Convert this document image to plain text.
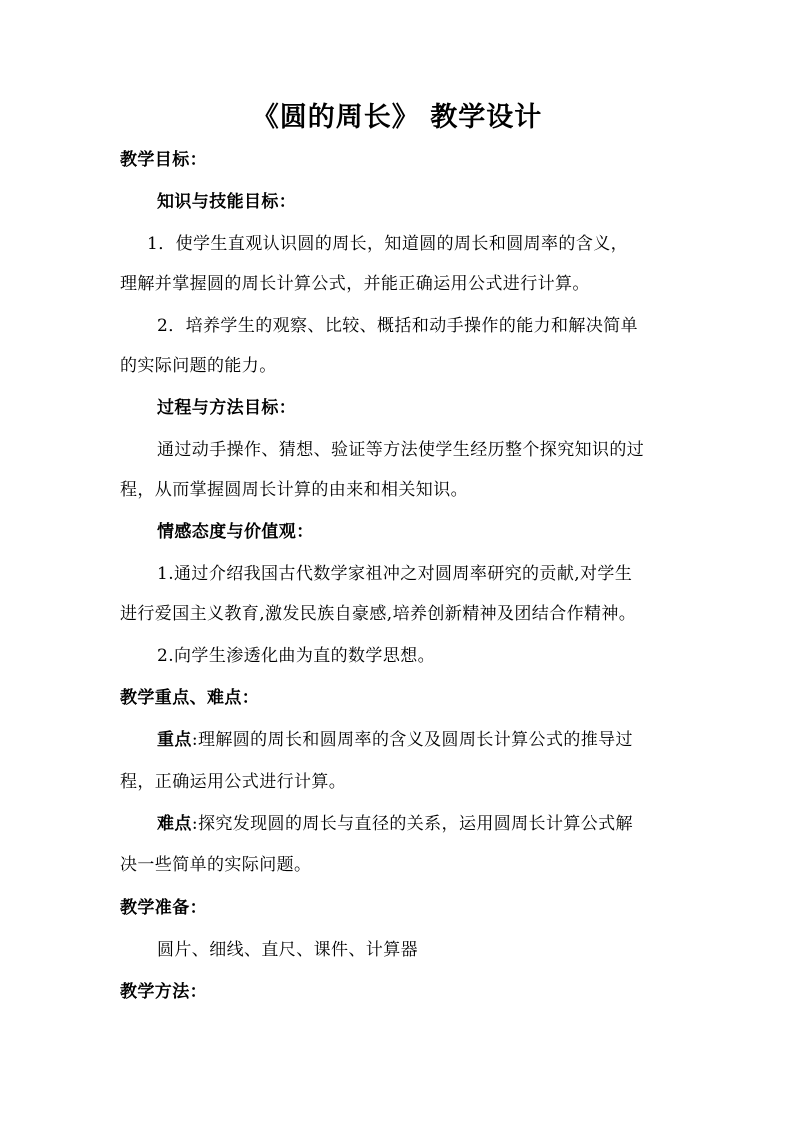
《圆的周长》 教学设计
教学目标：
知识与技能目标：
1．使学生直观认识圆的周长，知道圆的周长和圆周率的含义，
理解并掌握圆的周长计算公式，并能正确运用公式进行计算。
2．培养学生的观察、比较、概括和动手操作的能力和解决简单
的实际问题的能力。
过程与方法目标：
通过动手操作、猜想、验证等方法使学生经历整个探究知识的过
程，从而掌握圆周长计算的由来和相关知识。
情感态度与价值观：
1.通过介绍我国古代数学家祖冲之对圆周率研究的贡献,对学生
进行爱国主义教育,激发民族自豪感,培养创新精神及团结合作精神。
2.向学生渗透化曲为直的数学思想。
教学重点、难点：
重点:理解圆的周长和圆周率的含义及圆周长计算公式的推导过
程，正确运用公式进行计算。
难点:探究发现圆的周长与直径的关系，运用圆周长计算公式解
决一些简单的实际问题。
教学准备：
圆片、细线、直尺、课件、计算器
教学方法：
